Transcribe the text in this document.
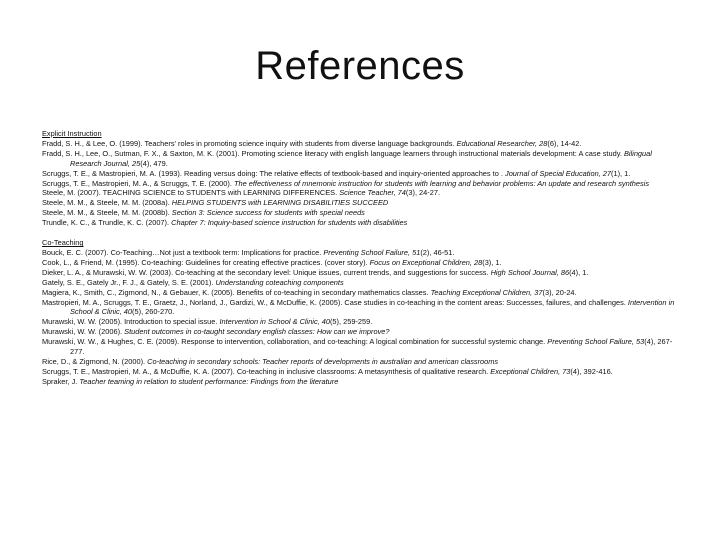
References
Explicit Instruction
Fradd, S. H., & Lee, O. (1999). Teachers' roles in promoting science inquiry with students from diverse language backgrounds. Educational Researcher, 28(6), 14-42.
Fradd, S. H., Lee, O., Sutman, F. X., & Saxton, M. K. (2001). Promoting science literacy with english language learners through instructional materials development: A case study. Bilingual Research Journal, 25(4), 479.
Scruggs, T. E., & Mastropieri, M. A. (1993). Reading versus doing: The relative effects of textbook-based and inquiry-oriented approaches to . Journal of Special Education, 27(1), 1.
Scruggs, T. E., Mastropieri, M. A., & Scruggs, T. E. (2000). The effectiveness of mnemonic instruction for students with learning and behavior problems: An update and research synthesis
Steele, M. (2007). TEACHING SCIENCE to STUDENTS with LEARNING DIFFERENCES. Science Teacher, 74(3), 24-27.
Steele, M. M., & Steele, M. M. (2008a). HELPING STUDENTS with LEARNING DISABILITIES SUCCEED
Steele, M. M., & Steele, M. M. (2008b). Section 3: Science success for students with special needs
Trundle, K. C., & Trundle, K. C. (2007). Chapter 7: Inquiry-based science instruction for students with disabilities
Co-Teaching
Bouck, E. C. (2007). Co-Teaching…Not just a textbook term: Implications for practice. Preventing School Failure, 51(2), 46-51.
Cook, L., & Friend, M. (1995). Co-teaching: Guidelines for creating effective practices. (cover story). Focus on Exceptional Children, 28(3), 1.
Dieker, L. A., & Murawski, W. W. (2003). Co-teaching at the secondary level: Unique issues, current trends, and suggestions for success. High School Journal, 86(4), 1.
Gately, S. E., Gately Jr., F. J., & Gately, S. E. (2001). Understanding coteaching components
Magiera, K., Smith, C., Zigmond, N., & Gebauer, K. (2005). Benefits of co-teaching in secondary mathematics classes. Teaching Exceptional Children, 37(3), 20-24.
Mastropieri, M. A., Scruggs, T. E., Graetz, J., Norland, J., Gardizi, W., & McDuffie, K. (2005). Case studies in co-teaching in the content areas: Successes, failures, and challenges. Intervention in School & Clinic, 40(5), 260-270.
Murawski, W. W. (2005). Introduction to special issue. Intervention in School & Clinic, 40(5), 259-259.
Murawski, W. W. (2006). Student outcomes in co-taught secondary english classes: How can we improve?
Murawski, W. W., & Hughes, C. E. (2009). Response to intervention, collaboration, and co-teaching: A logical combination for successful systemic change. Preventing School Failure, 53(4), 267-277.
Rice, D., & Zigmond, N. (2000). Co-teaching in secondary schools: Teacher reports of developments in australian and american classrooms
Scruggs, T. E., Mastropieri, M. A., & McDuffie, K. A. (2007). Co-teaching in inclusive classrooms: A metasynthesis of qualitative research. Exceptional Children, 73(4), 392-416.
Spraker, J. Teacher teaming in relation to student performance: Findings from the literature
